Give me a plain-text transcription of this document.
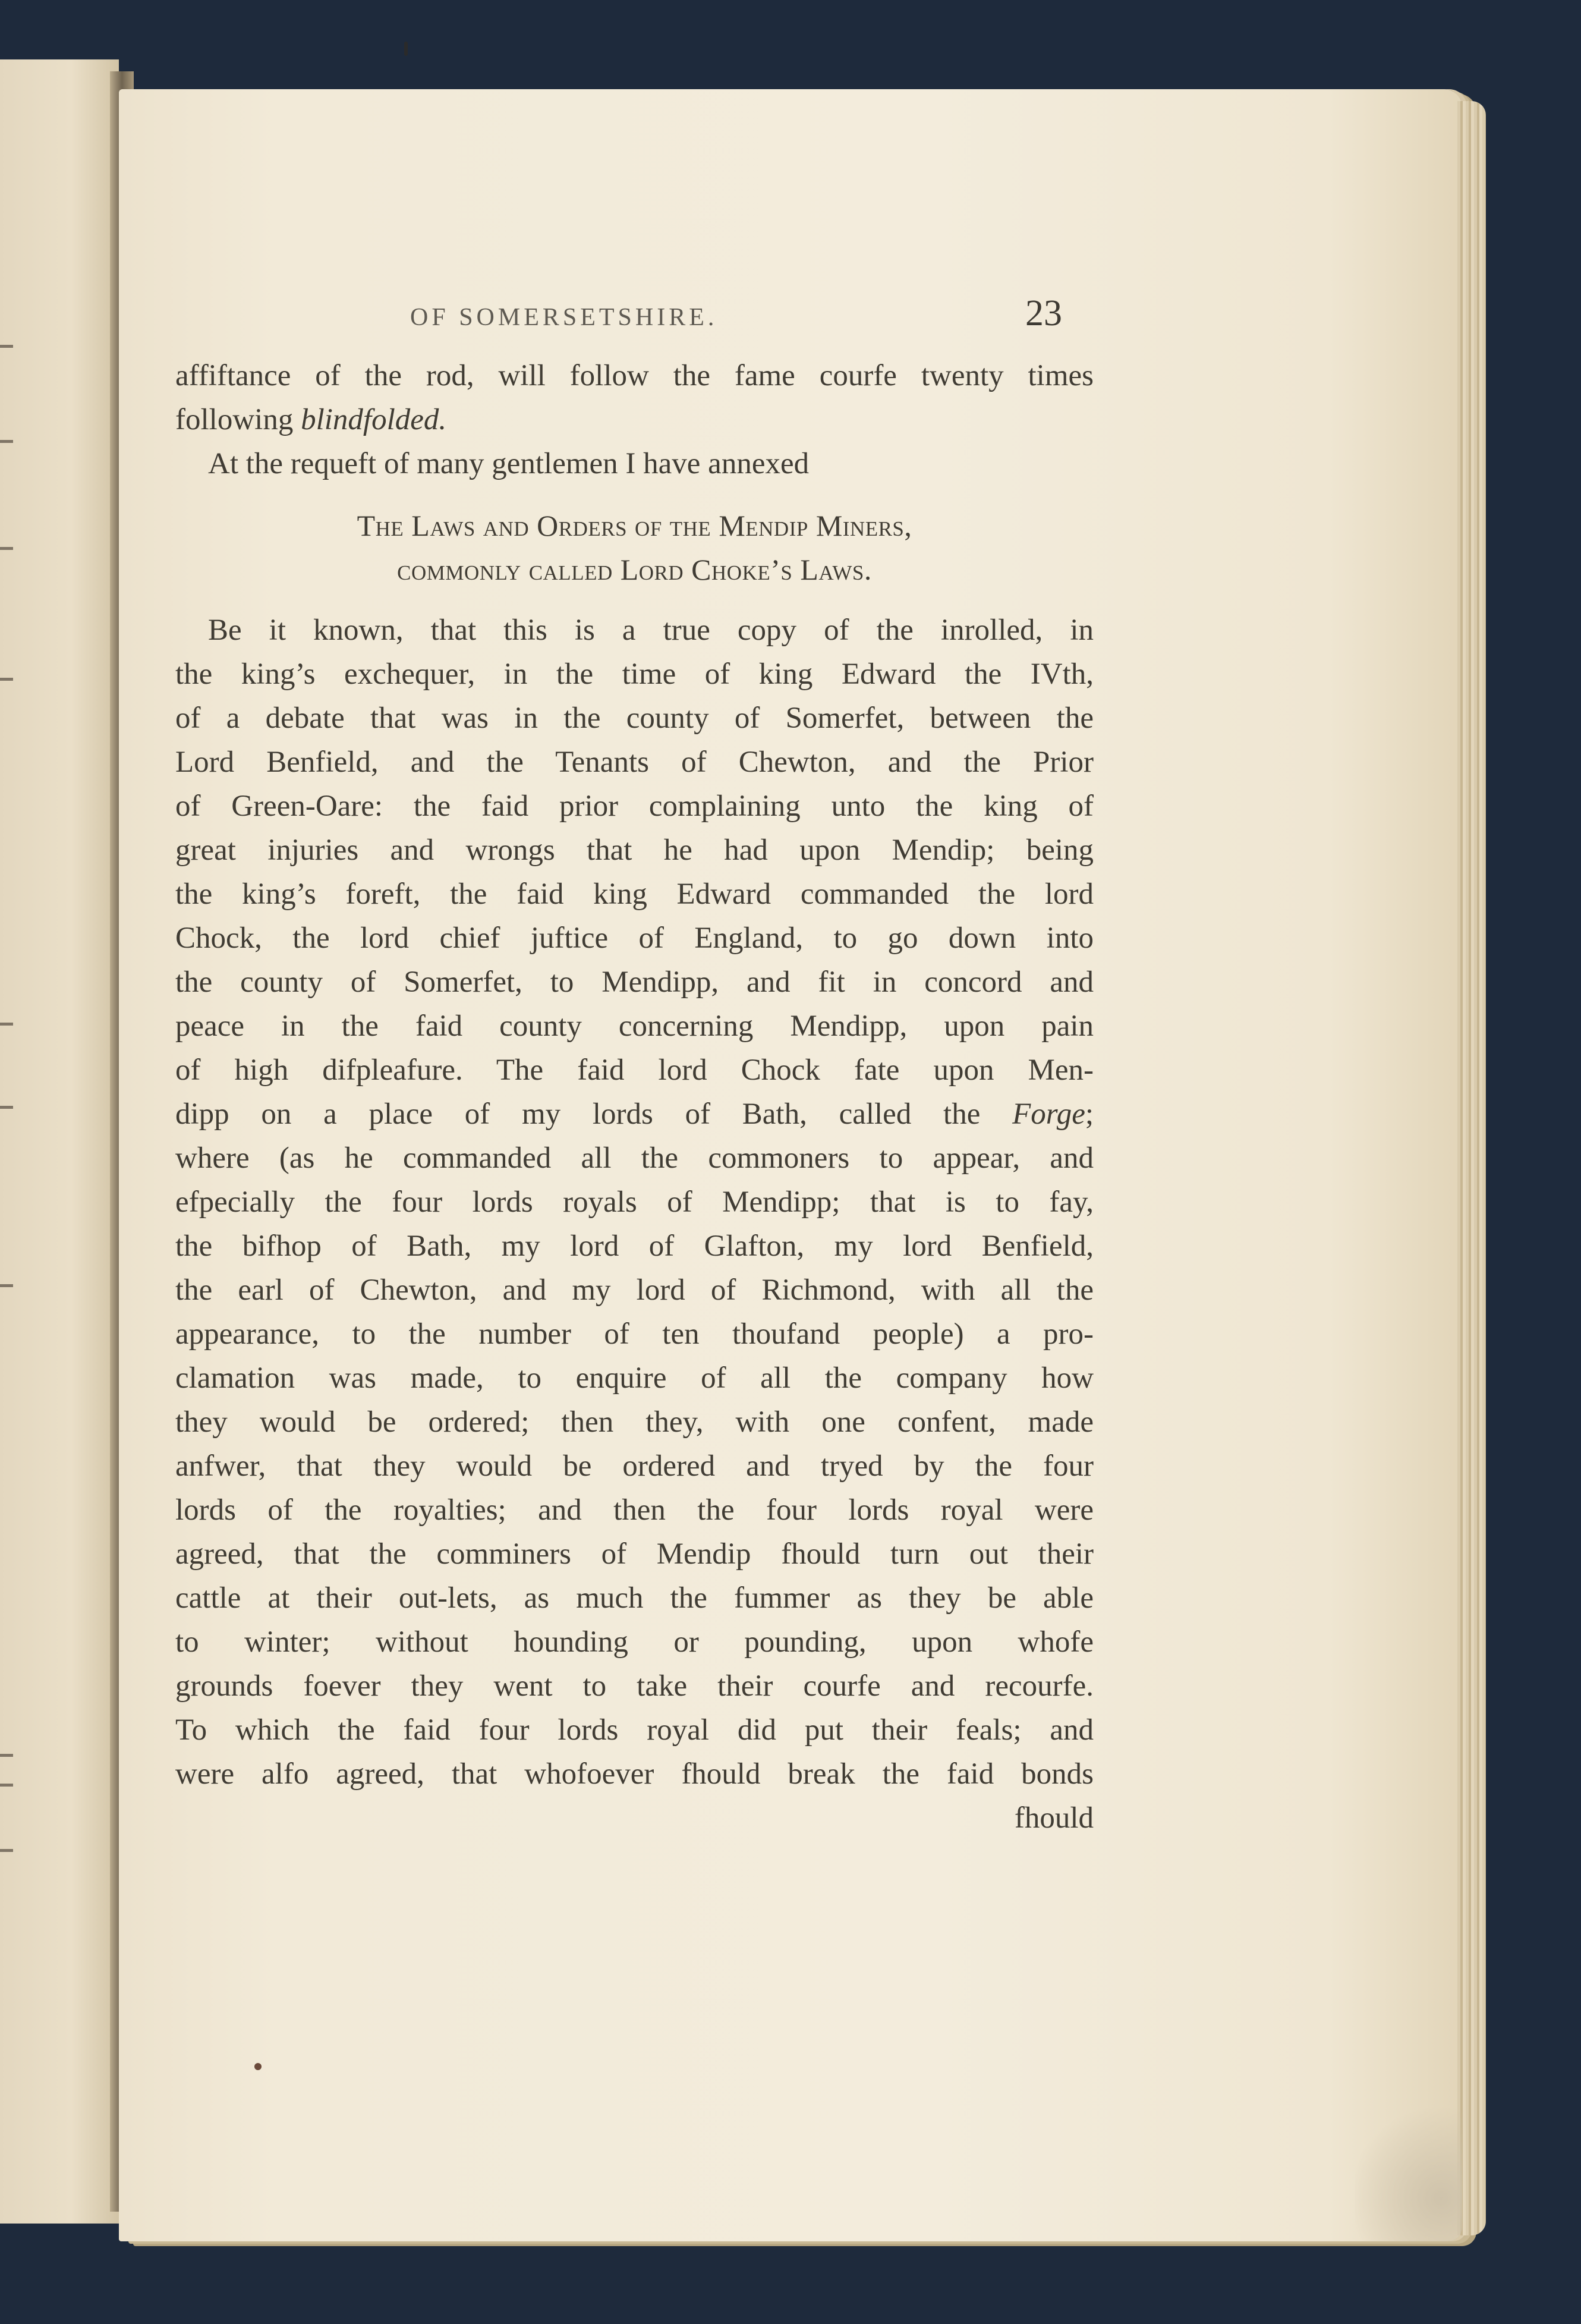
OF SOMERSETSHIRE.	23
affiftance of the rod, will follow the fame courfe twenty times
following blindfolded.
At the requeft of many gentlemen I have annexed
The Laws and Orders of the Mendip Miners,
commonly called Lord Choke’s Laws.
Be it known, that this is a true copy of the inrolled, in
the king’s exchequer, in the time of king Edward the IVth,
of a debate that was in the county of Somerfet, between the
Lord Benfield, and the Tenants of Chewton, and the Prior
of Green-Oare: the faid prior complaining unto the king of
great injuries and wrongs that he had upon Mendip; being
the king’s foreft, the faid king Edward commanded the lord
Chock, the lord chief juftice of England, to go down into
the county of Somerfet, to Mendipp, and fit in concord and
peace in the faid county concerning Mendipp, upon pain
of high difpleafure. The faid lord Chock fate upon Men-
dipp on a place of my lords of Bath, called the Forge;
where (as he commanded all the commoners to appear, and
efpecially the four lords royals of Mendipp; that is to fay,
the bifhop of Bath, my lord of Glafton, my lord Benfield,
the earl of Chewton, and my lord of Richmond, with all the
appearance, to the number of ten thoufand people) a pro-
clamation was made, to enquire of all the company how
they would be ordered; then they, with one confent, made
anfwer, that they would be ordered and tryed by the four
lords of the royalties; and then the four lords royal were
agreed, that the comminers of Mendip fhould turn out their
cattle at their out-lets, as much the fummer as they be able
to winter; without hounding or pounding, upon whofe
grounds foever they went to take their courfe and recourfe.
To which the faid four lords royal did put their feals; and
were alfo agreed, that whofoever fhould break the faid bonds
fhould
